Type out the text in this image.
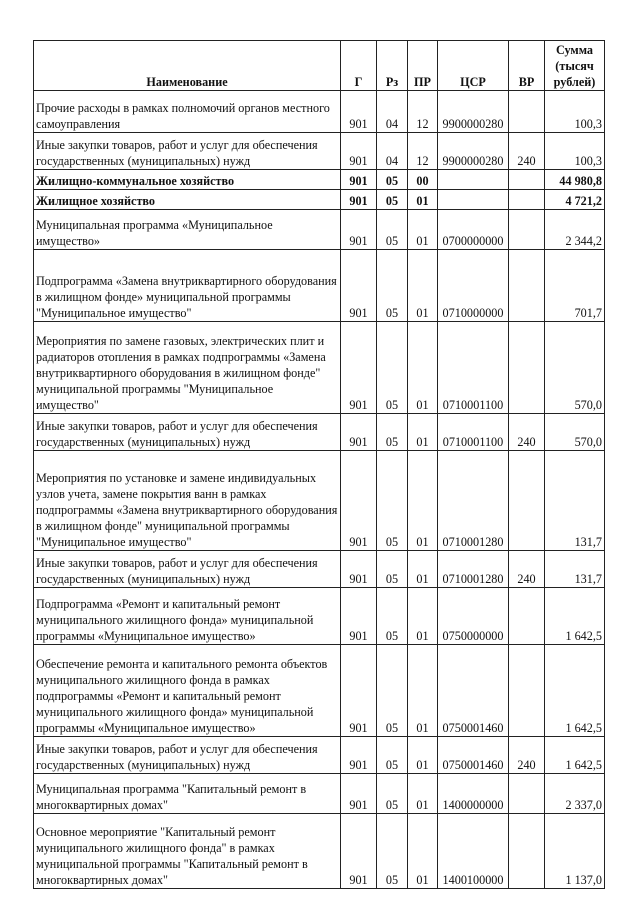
Наименование	Г	Рз	ПР	ЦСР	ВР	Сумма (тысяч рублей)
Прочие расходы в рамках полномочий органов местного самоуправления	901	04	12	9900000280		100,3
Иные закупки товаров, работ и услуг для обеспечения государственных (муниципальных) нужд	901	04	12	9900000280	240	100,3
Жилищно-коммунальное хозяйство	901	05	00			44 980,8
Жилищное хозяйство	901	05	01			4 721,2
Муниципальная программа «Муниципальное имущество»	901	05	01	0700000000		2 344,2
Подпрограмма «Замена внутриквартирного оборудования в жилищном фонде» муниципальной программы "Муниципальное имущество"	901	05	01	0710000000		701,7
Мероприятия по замене газовых, электрических плит и радиаторов отопления в рамках подпрограммы «Замена внутриквартирного оборудования в жилищном фонде" муниципальной программы "Муниципальное имущество"	901	05	01	0710001100		570,0
Иные закупки товаров, работ и услуг для обеспечения государственных (муниципальных) нужд	901	05	01	0710001100	240	570,0
Мероприятия по установке и замене индивидуальных узлов учета, замене покрытия ванн в рамках подпрограммы «Замена внутриквартирного оборудования в жилищном фонде" муниципальной программы "Муниципальное имущество"	901	05	01	0710001280		131,7
Иные закупки товаров, работ и услуг для обеспечения государственных (муниципальных) нужд	901	05	01	0710001280	240	131,7
Подпрограмма «Ремонт и капитальный ремонт муниципального жилищного фонда» муниципальной программы «Муниципальное имущество»	901	05	01	0750000000		1 642,5
Обеспечение ремонта и капитального ремонта объектов муниципального жилищного фонда в рамках подпрограммы «Ремонт и капитальный ремонт муниципального жилищного фонда» муниципальной программы «Муниципальное имущество»	901	05	01	0750001460		1 642,5
Иные закупки товаров, работ и услуг для обеспечения государственных (муниципальных) нужд	901	05	01	0750001460	240	1 642,5
Муниципальная программа "Капитальный ремонт в многоквартирных домах"	901	05	01	1400000000		2 337,0
Основное мероприятие "Капитальный ремонт муниципального жилищного фонда" в рамках муниципальной программы "Капитальный ремонт в многоквартирных домах"	901	05	01	1400100000		1 137,0
